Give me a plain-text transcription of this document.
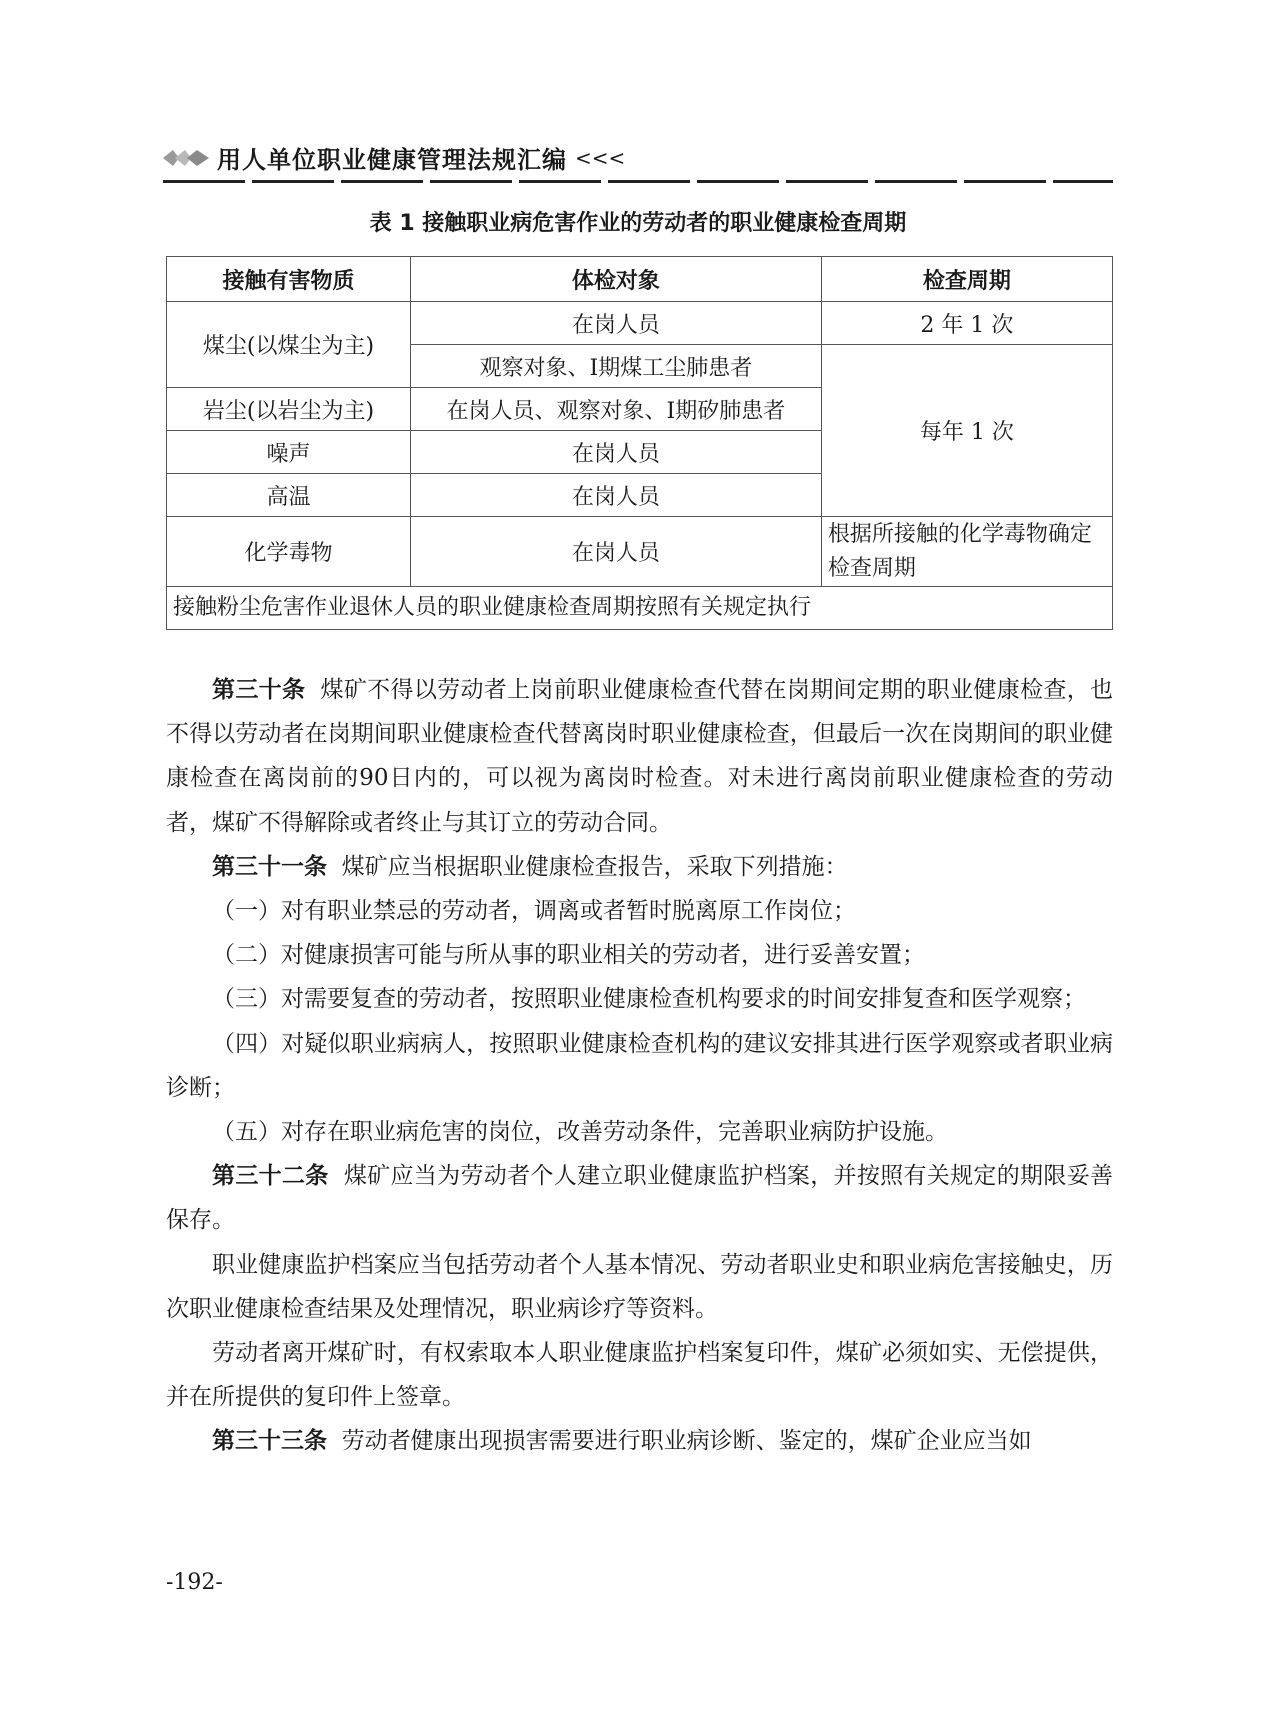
用人单位职业健康管理法规汇编 <<<
表 1 接触职业病危害作业的劳动者的职业健康检查周期
接触有害物质	体检对象	检查周期
煤尘(以煤尘为主)	在岗人员	2 年 1 次
	观察对象、Ⅰ期煤工尘肺患者	每年 1 次
岩尘(以岩尘为主)	在岗人员、观察对象、Ⅰ期矽肺患者	
噪声	在岗人员	
高温	在岗人员	
化学毒物	在岗人员	根据所接触的化学毒物确定检查周期
接触粉尘危害作业退休人员的职业健康检查周期按照有关规定执行		

第三十条 煤矿不得以劳动者上岗前职业健康检查代替在岗期间定期的职业健康检查，也不得以劳动者在岗期间职业健康检查代替离岗时职业健康检查，但最后一次在岗期间的职业健康检查在离岗前的90日内的，可以视为离岗时检查。对未进行离岗前职业健康检查的劳动者，煤矿不得解除或者终止与其订立的劳动合同。

第三十一条 煤矿应当根据职业健康检查报告，采取下列措施：

（一）对有职业禁忌的劳动者，调离或者暂时脱离原工作岗位；

（二）对健康损害可能与所从事的职业相关的劳动者，进行妥善安置；

（三）对需要复查的劳动者，按照职业健康检查机构要求的时间安排复查和医学观察；

（四）对疑似职业病病人，按照职业健康检查机构的建议安排其进行医学观察或者职业病诊断；

（五）对存在职业病危害的岗位，改善劳动条件，完善职业病防护设施。

第三十二条 煤矿应当为劳动者个人建立职业健康监护档案，并按照有关规定的期限妥善保存。

职业健康监护档案应当包括劳动者个人基本情况、劳动者职业史和职业病危害接触史，历次职业健康检查结果及处理情况，职业病诊疗等资料。

劳动者离开煤矿时，有权索取本人职业健康监护档案复印件，煤矿必须如实、无偿提供，并在所提供的复印件上签章。

第三十三条 劳动者健康出现损害需要进行职业病诊断、鉴定的，煤矿企业应当如

-192-
